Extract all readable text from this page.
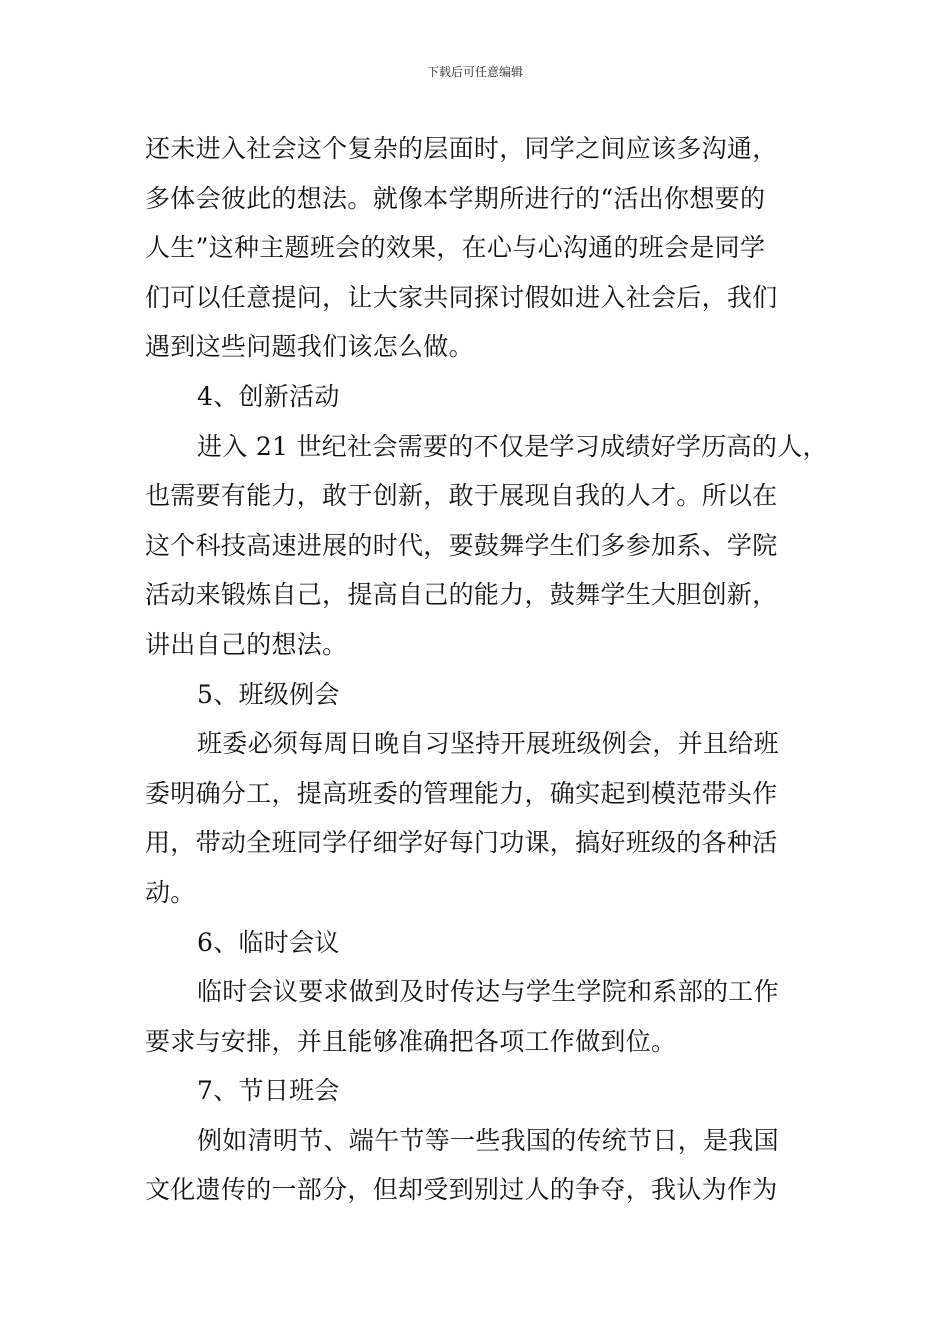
下载后可任意编辑
还未进入社会这个复杂的层面时，同学之间应该多沟通，
多体会彼此的想法。就像本学期所进行的“活出你想要的
人生”这种主题班会的效果，在心与心沟通的班会是同学
们可以任意提问，让大家共同探讨假如进入社会后，我们
遇到这些问题我们该怎么做。
4、创新活动
进入 21 世纪社会需要的不仅是学习成绩好学历高的人，
也需要有能力，敢于创新，敢于展现自我的人才。所以在
这个科技高速进展的时代，要鼓舞学生们多参加系、学院
活动来锻炼自己，提高自己的能力，鼓舞学生大胆创新，
讲出自己的想法。
5、班级例会
班委必须每周日晚自习坚持开展班级例会，并且给班
委明确分工，提高班委的管理能力，确实起到模范带头作
用，带动全班同学仔细学好每门功课，搞好班级的各种活
动。
6、临时会议
临时会议要求做到及时传达与学生学院和系部的工作
要求与安排，并且能够准确把各项工作做到位。
7、节日班会
例如清明节、端午节等一些我国的传统节日，是我国
文化遗传的一部分，但却受到别过人的争夺，我认为作为
